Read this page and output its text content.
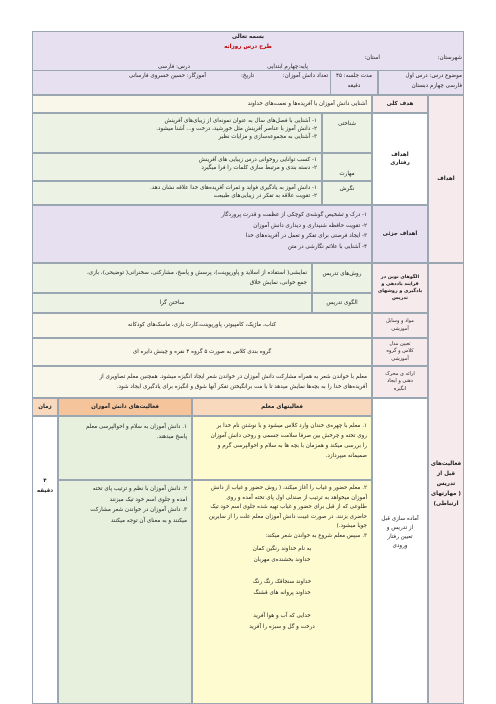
بسمه تعالی
طرح درس روزانه
شهرستان:
استان:
پایه:چهارم ابتدایی
درس: فارسی
موضوع درس: درس اول
فارسی چهارم دبستان
مدت جلسه: ۴۵
دقیقه
تعداد دانش آموزان:
تاریخ:
آموزگار: حسین خسروی فارسانی
اهداف
هدف کلی
آشنایی دانش آموزان با آفریده‌ها و نعمت‌های خداوند
اهداف
رفتاری
شناختی
۱- آشنایی با فصل‌های سال به عنوان نمونه‌ای از زیبای‌های آفرینش
۲- دانش آموز با عناصر آفرینش مثل خورشید، درخت و... آشنا میشود.
۳- آشنایی به مجموعه‌سازی و مزایات نظیر
مهارت
۱- کسب توانایی روخوانی درس زیبایی های آفرینش
۲- دسته بندی و مرتبط سازی کلمات را فرا میگیرد
نگرش
۱- دانش آموز به یادگیری فواید و ثمرات آفریده‌های خدا علاقه نشان دهد.
۲- تقویت علاقه به تفکر در زیبایی‌های طبیعت
اهداف جزئی
۱- درک و تشخیص گوشه‌ی کوچکی از عظمت و قدرت پروردگار
۲- تقویت حافظه شنیداری و دیداری دانش آموزان
۳- ایجاد فرصتی برای تفکر و تعمل در آفریده‌های خدا
۴- آشنایی با علائم نگارشی در متن
فعالیت‌های
قبل از
تدریس
( مهارتهای
ارتباطی)
الگوهای نوین در
فرایند یاددهی و
یادگیری و روشهای
تدریس
روش‌های تدریس
نمایشی( استفاده از اسلاید و پاورپوینت)، پرسش و پاسخ، مشارکتی، سخنرانی( توضیحی)، بازی،
جمع خوانی، نمایش خلاق
الگوی تدریس
ساختن گرا
مواد و وسایل
آموزشی
کتاب، ماژیک، کامپیوتر، پاورپوینت،کارت بازی، ماسک‌های کودکانه
تعیین مدل
کلاس و گروه
آموزشی
گروه بندی کلاس به صورت ۵ گروه ۴ نفره و چینش دایره ای
ارائه ی محرک
ذهنی و ایجاد
انگیزه
معلم با خواندن شعر به همراه مشارکت دانش آموزان در خواندن شعر ایجاد انگیزه میشود. همچنین معلم تصاویری از
آفریده‌های خدا را به بچه‌ها نمایش میدهد تا با مت برانگیختن تفکر آنها شوق و انگیزه برای یادگیری ایجاد شود.
آماده سازی قبل
از تدریس و
تعیین رفتار
ورودی
زمان	فعالیت‌های دانش آموزان	فعالیتهای معلم
۴
دقیقه
۱. دانش آموزان به سلام و احوالپرسی معلم
پاسخ میدهند.
۲. دانش آموزان با نظم و ترتیب پای تخته
امده و جلوی اسم خود تیک میزنند
۳. دانش آموزان در خواندن شعر مشارکت
میکنند و به معنای آن توجه میکنند
۱. معلم با چهره‌ی خندان وارد کلاس میشود و با نوشتن نام خدا بر
روی تخته و چرخش بین صرفا سلامت جسمی و روحی دانش آموزان
را بررسی میکند و همزمان با بچه ها به سلام و احوالپرسی گرم و
صمیمانه میپردازد.
۲. معلم حضور و غیاب را آغاز میکند، ( روش حضور و غیاب از دانش
آموزان میخواهد به ترتیب از صندلی اول پای تخته آمده و روی
طلوعی که از قبل برای حضور و غیاب تهیه شده جلوی اسم خود تیک
حاضری بزنند. در صورت غیبت دانش آموزان معلم علت را از سایرین
جویا میشود.)
۳. سپس معلم شروع به خواندن شعر میکند:
به نام خداوند رنگین کمان
خداوند بخشنده‌ی مهربان

خداوند سنجاقک رنگ رنگ
خداوند پروانه های قشنگ

خدایی که آب و هوا آفرید
درخت و گل و سبزه را آفرید
